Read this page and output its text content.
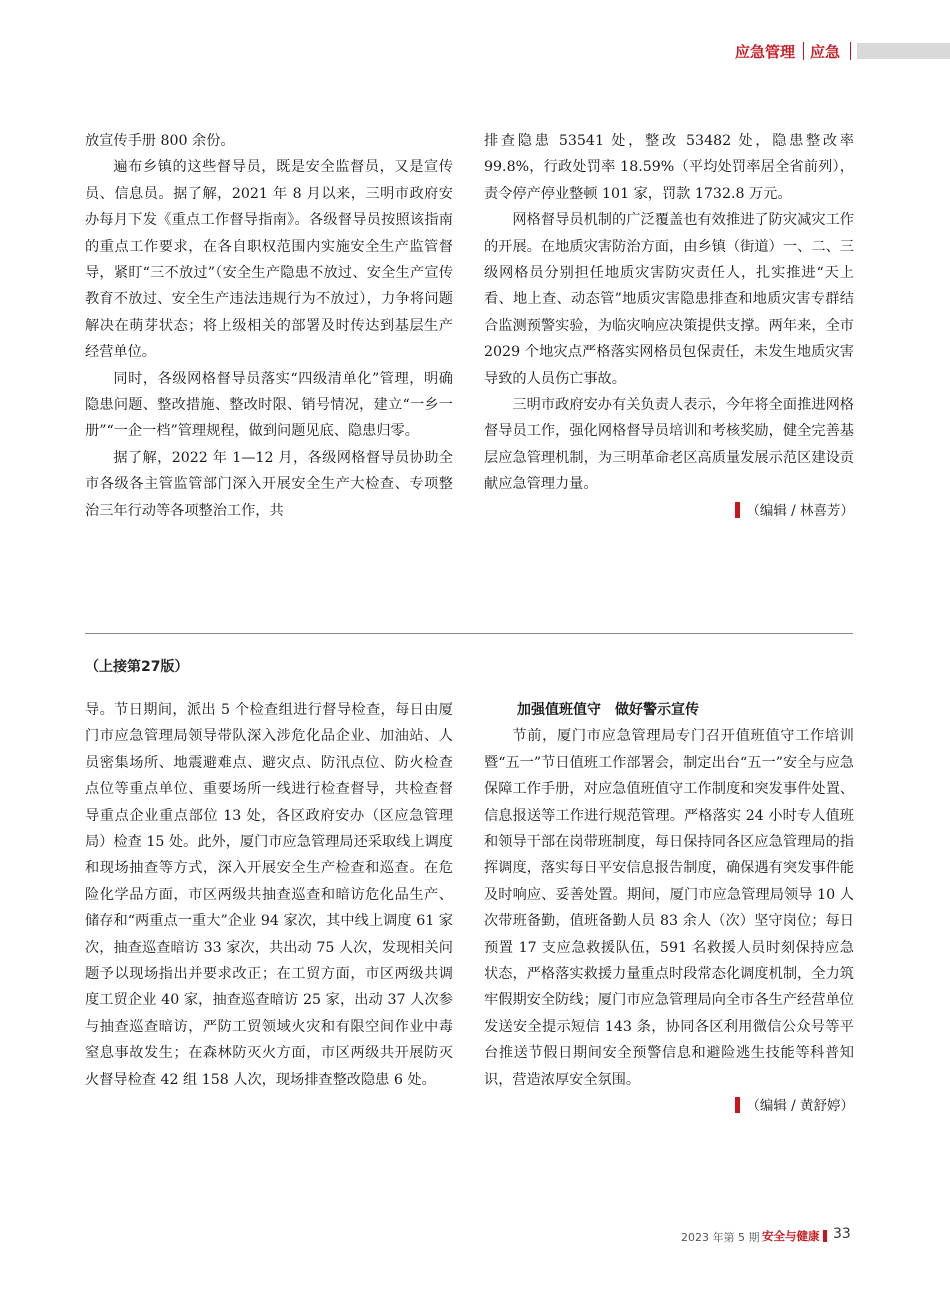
应急管理 应急

放宣传手册 800 余份。

遍布乡镇的这些督导员，既是安全监督员，又是宣传员、信息员。据了解，2021 年 8 月以来，三明市政府安办每月下发《重点工作督导指南》。各级督导员按照该指南的重点工作要求，在各自职权范围内实施安全生产监管督导，紧盯“三不放过”（安全生产隐患不放过、安全生产宣传教育不放过、安全生产违法违规行为不放过），力争将问题解决在萌芽状态；将上级相关的部署及时传达到基层生产经营单位。

同时，各级网格督导员落实“四级清单化”管理，明确隐患问题、整改措施、整改时限、销号情况，建立“一乡一册”“一企一档”管理规程，做到问题见底、隐患归零。

据了解，2022 年 1—12 月，各级网格督导员协助全市各级各主管监管部门深入开展安全生产大检查、专项整治三年行动等各项整治工作，共

排查隐患 53541 处，整改 53482 处，隐患整改率 99.8%，行政处罚率 18.59%（平均处罚率居全省前列），责令停产停业整顿 101 家，罚款 1732.8 万元。

网格督导员机制的广泛覆盖也有效推进了防灾减灾工作的开展。在地质灾害防治方面，由乡镇（街道）一、二、三级网格员分别担任地质灾害防灾责任人，扎实推进“天上看、地上查、动态管”地质灾害隐患排查和地质灾害专群结合监测预警实验，为临灾响应决策提供支撑。两年来，全市 2029 个地灾点严格落实网格员包保责任，未发生地质灾害导致的人员伤亡事故。

三明市政府安办有关负责人表示，今年将全面推进网格督导员工作，强化网格督导员培训和考核奖励，健全完善基层应急管理机制，为三明革命老区高质量发展示范区建设贡献应急管理力量。

（编辑 / 林喜芳）
（上接第27版）

导。节日期间，派出 5 个检查组进行督导检查，每日由厦门市应急管理局领导带队深入涉危化品企业、加油站、人员密集场所、地震避难点、避灾点、防汛点位、防火检查点位等重点单位、重要场所一线进行检查督导，共检查督导重点企业重点部位 13 处，各区政府安办（区应急管理局）检查 15 处。此外，厦门市应急管理局还采取线上调度和现场抽查等方式，深入开展安全生产检查和巡查。在危险化学品方面，市区两级共抽查巡查和暗访危化品生产、储存和“两重点一重大”企业 94 家次，其中线上调度 61 家次，抽查巡查暗访 33 家次，共出动 75 人次，发现相关问题予以现场指出并要求改正；在工贸方面，市区两级共调度工贸企业 40 家，抽查巡查暗访 25 家，出动 37 人次参与抽查巡查暗访，严防工贸领域火灾和有限空间作业中毒窒息事故发生；在森林防灭火方面，市区两级共开展防灭火督导检查 42 组 158 人次，现场排查整改隐患 6 处。

加强值班值守　做好警示宣传

节前，厦门市应急管理局专门召开值班值守工作培训暨“五一”节日值班工作部署会，制定出台“五一”安全与应急保障工作手册，对应急值班值守工作制度和突发事件处置、信息报送等工作进行规范管理。严格落实 24 小时专人值班和领导干部在岗带班制度，每日保持同各区应急管理局的指挥调度，落实每日平安信息报告制度，确保遇有突发事件能及时响应、妥善处置。期间，厦门市应急管理局领导 10 人次带班备勤，值班备勤人员 83 余人（次）坚守岗位；每日预置 17 支应急救援队伍，591 名救援人员时刻保持应急状态，严格落实救援力量重点时段常态化调度机制，全力筑牢假期安全防线；厦门市应急管理局向全市各生产经营单位发送安全提示短信 143 条，协同各区利用微信公众号等平台推送节假日期间安全预警信息和避险逃生技能等科普知识，营造浓厚安全氛围。

（编辑 / 黄舒婷）
2023 年第 5 期 安全与健康 33
